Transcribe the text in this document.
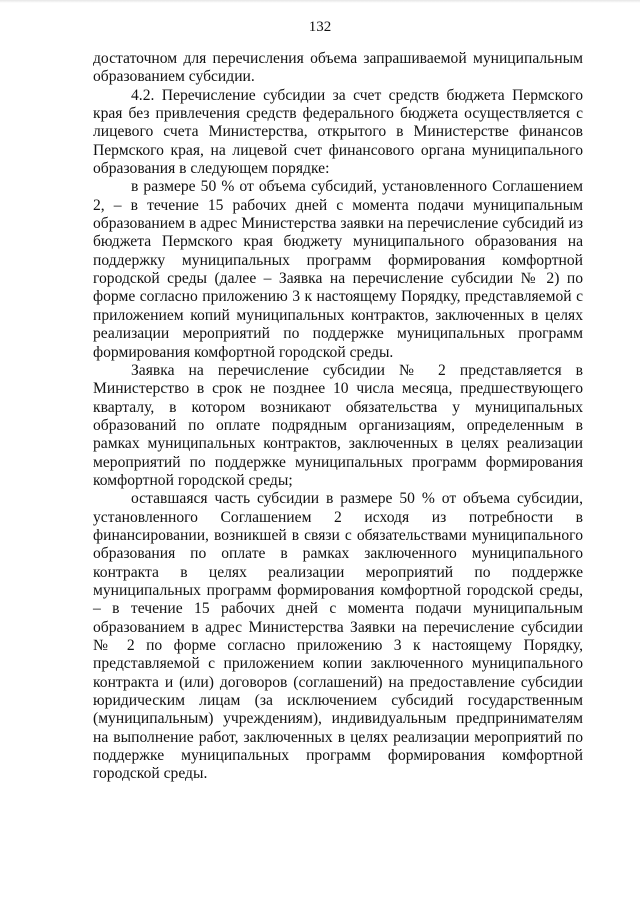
132

достаточном для перечисления объема запрашиваемой муниципальным образованием субсидии.

4.2. Перечисление субсидии за счет средств бюджета Пермского края без привлечения средств федерального бюджета осуществляется с лицевого счета Министерства, открытого в Министерстве финансов Пермского края, на лицевой счет финансового органа муниципального образования в следующем порядке:

в размере 50 % от объема субсидий, установленного Соглашением 2, – в течение 15 рабочих дней с момента подачи муниципальным образованием в адрес Министерства заявки на перечисление субсидий из бюджета Пермского края бюджету муниципального образования на поддержку муниципальных программ формирования комфортной городской среды (далее – Заявка на перечисление субсидии № 2) по форме согласно приложению 3 к настоящему Порядку, представляемой с приложением копий муниципальных контрактов, заключенных в целях реализации мероприятий по поддержке муниципальных программ формирования комфортной городской среды.

Заявка на перечисление субсидии № 2 представляется в Министерство в срок не позднее 10 числа месяца, предшествующего кварталу, в котором возникают обязательства у муниципальных образований по оплате подрядным организациям, определенным в рамках муниципальных контрактов, заключенных в целях реализации мероприятий по поддержке муниципальных программ формирования комфортной городской среды;

оставшаяся часть субсидии в размере 50 % от объема субсидии, установленного Соглашением 2 исходя из потребности в финансировании, возникшей в связи с обязательствами муниципального образования по оплате в рамках заключенного муниципального контракта в целях реализации мероприятий по поддержке муниципальных программ формирования комфортной городской среды, – в течение 15 рабочих дней с момента подачи муниципальным образованием в адрес Министерства Заявки на перечисление субсидии № 2 по форме согласно приложению 3 к настоящему Порядку, представляемой с приложением копии заключенного муниципального контракта и (или) договоров (соглашений) на предоставление субсидии юридическим лицам (за исключением субсидий государственным (муниципальным) учреждениям), индивидуальным предпринимателям на выполнение работ, заключенных в целях реализации мероприятий по поддержке муниципальных программ формирования комфортной городской среды.
